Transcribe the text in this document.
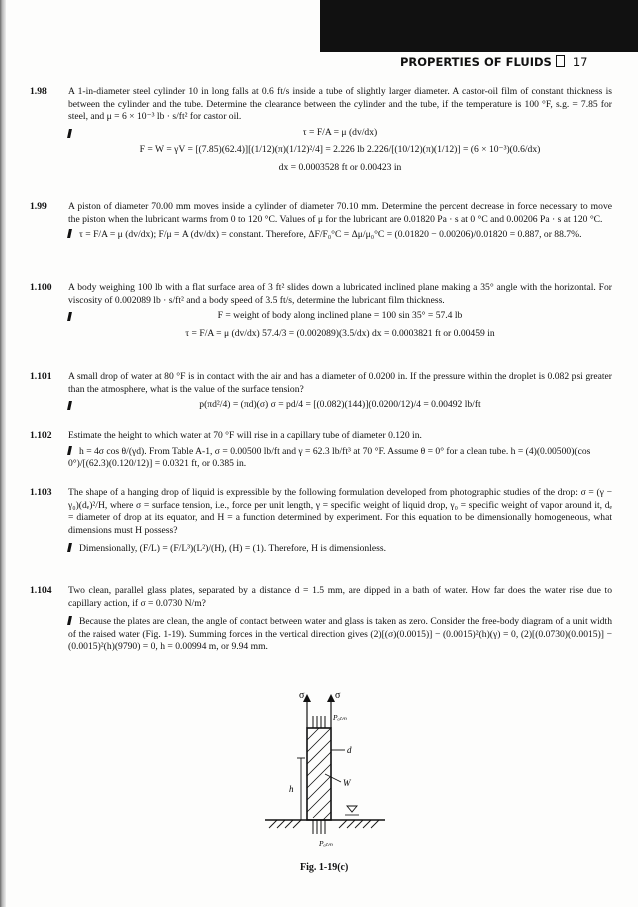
PROPERTIES OF FLUIDS 17
1.98	A 1-in-diameter steel cylinder 10 in long falls at 0.6 ft/s inside a tube of slightly larger diameter. A castor-oil film of constant thickness is between the cylinder and the tube. Determine the clearance between the cylinder and the tube, if the temperature is 100 °F, s.g. = 7.85 for steel, and μ = 6 × 10⁻³ lb · s/ft² for castor oil.
τ = F/A = μ (dv/dx)
F = W = γV = [(7.85)(62.4)][(1/12)(π)(1/12)²/4] = 2.226 lb 2.226/[(10/12)(π)(1/12)] = (6 × 10⁻³)(0.6/dx)
dx = 0.0003528 ft or 0.00423 in
1.99	A piston of diameter 70.00 mm moves inside a cylinder of diameter 70.10 mm. Determine the percent decrease in force necessary to move the piston when the lubricant warms from 0 to 120 °C. Values of μ for the lubricant are 0.01820 Pa · s at 0 °C and 0.00206 Pa · s at 120 °C.
τ = F/A = μ (dv/dx); F/μ = A (dv/dx) = constant. Therefore, ΔF/F₀°C = Δμ/μ₀°C = (0.01820 − 0.00206)/0.01820 = 0.887, or 88.7%.
1.100	A body weighing 100 lb with a flat surface area of 3 ft² slides down a lubricated inclined plane making a 35° angle with the horizontal. For viscosity of 0.002089 lb · s/ft² and a body speed of 3.5 ft/s, determine the lubricant film thickness.
F = weight of body along inclined plane = 100 sin 35° = 57.4 lb
τ = F/A = μ (dv/dx) 57.4/3 = (0.002089)(3.5/dx) dx = 0.0003821 ft or 0.00459 in
1.101	A small drop of water at 80 °F is in contact with the air and has a diameter of 0.0200 in. If the pressure within the droplet is 0.082 psi greater than the atmosphere, what is the value of the surface tension?
p(πd²/4) = (πd)(σ) σ = pd/4 = [(0.082)(144)](0.0200/12)/4 = 0.00492 lb/ft
1.102	Estimate the height to which water at 70 °F will rise in a capillary tube of diameter 0.120 in.
h = 4σ cos θ/(γd). From Table A-1, σ = 0.00500 lb/ft and γ = 62.3 lb/ft³ at 70 °F. Assume θ = 0° for a clean tube. h = (4)(0.00500)(cos 0°)/[(62.3)(0.120/12)] = 0.0321 ft, or 0.385 in.
1.103	The shape of a hanging drop of liquid is expressible by the following formulation developed from photographic studies of the drop: σ = (γ − γ₀)(dₑ)²/H, where σ = surface tension, i.e., force per unit length, γ = specific weight of liquid drop, γ₀ = specific weight of vapor around it, dₑ = diameter of drop at its equator, and H = a function determined by experiment. For this equation to be dimensionally homogeneous, what dimensions must H possess?
Dimensionally, (F/L) = (F/L³)(L²)/(H), (H) = (1). Therefore, H is dimensionless.
1.104	Two clean, parallel glass plates, separated by a distance d = 1.5 mm, are dipped in a bath of water. How far does the water rise due to capillary action, if σ = 0.0730 N/m?
Because the plates are clean, the angle of contact between water and glass is taken as zero. Consider the free-body diagram of a unit width of the raised water (Fig. 1-19). Summing forces in the vertical direction gives (2)[(σ)(0.0015)] − (0.0015)²(h)(γ) = 0, (2)[(0.0730)(0.0015)] − (0.0015)²(h)(9790) = 0, h = 0.00994 m, or 9.94 mm.
σ	σ
Pₐₜₘ
d
W
h
Pₐₜₘ
Fig. 1-19(c)
